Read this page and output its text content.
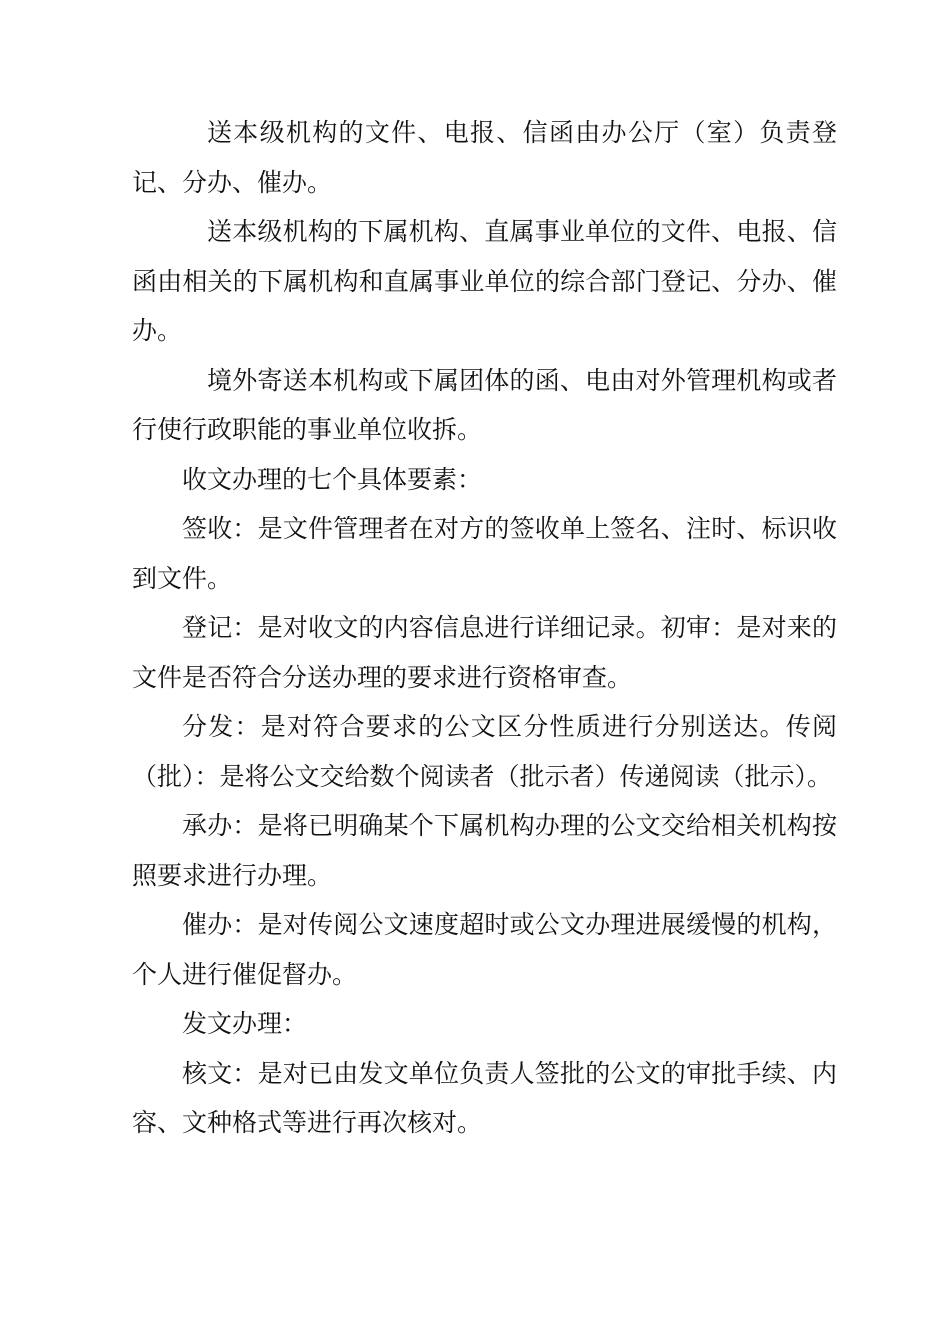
送本级机构的文件、电报、信函由办公厅（室）负责登记、分办、催办。

送本级机构的下属机构、直属事业单位的文件、电报、信函由相关的下属机构和直属事业单位的综合部门登记、分办、催办。

境外寄送本机构或下属团体的函、电由对外管理机构或者行使行政职能的事业单位收拆。

收文办理的七个具体要素：

签收：是文件管理者在对方的签收单上签名、注时、标识收到文件。

登记：是对收文的内容信息进行详细记录。初审：是对来的文件是否符合分送办理的要求进行资格审查。

分发：是对符合要求的公文区分性质进行分别送达。传阅（批）：是将公文交给数个阅读者（批示者）传递阅读（批示）。

承办：是将已明确某个下属机构办理的公文交给相关机构按照要求进行办理。

催办：是对传阅公文速度超时或公文办理进展缓慢的机构，个人进行催促督办。

发文办理：

核文：是对已由发文单位负责人签批的公文的审批手续、内容、文种格式等进行再次核对。
